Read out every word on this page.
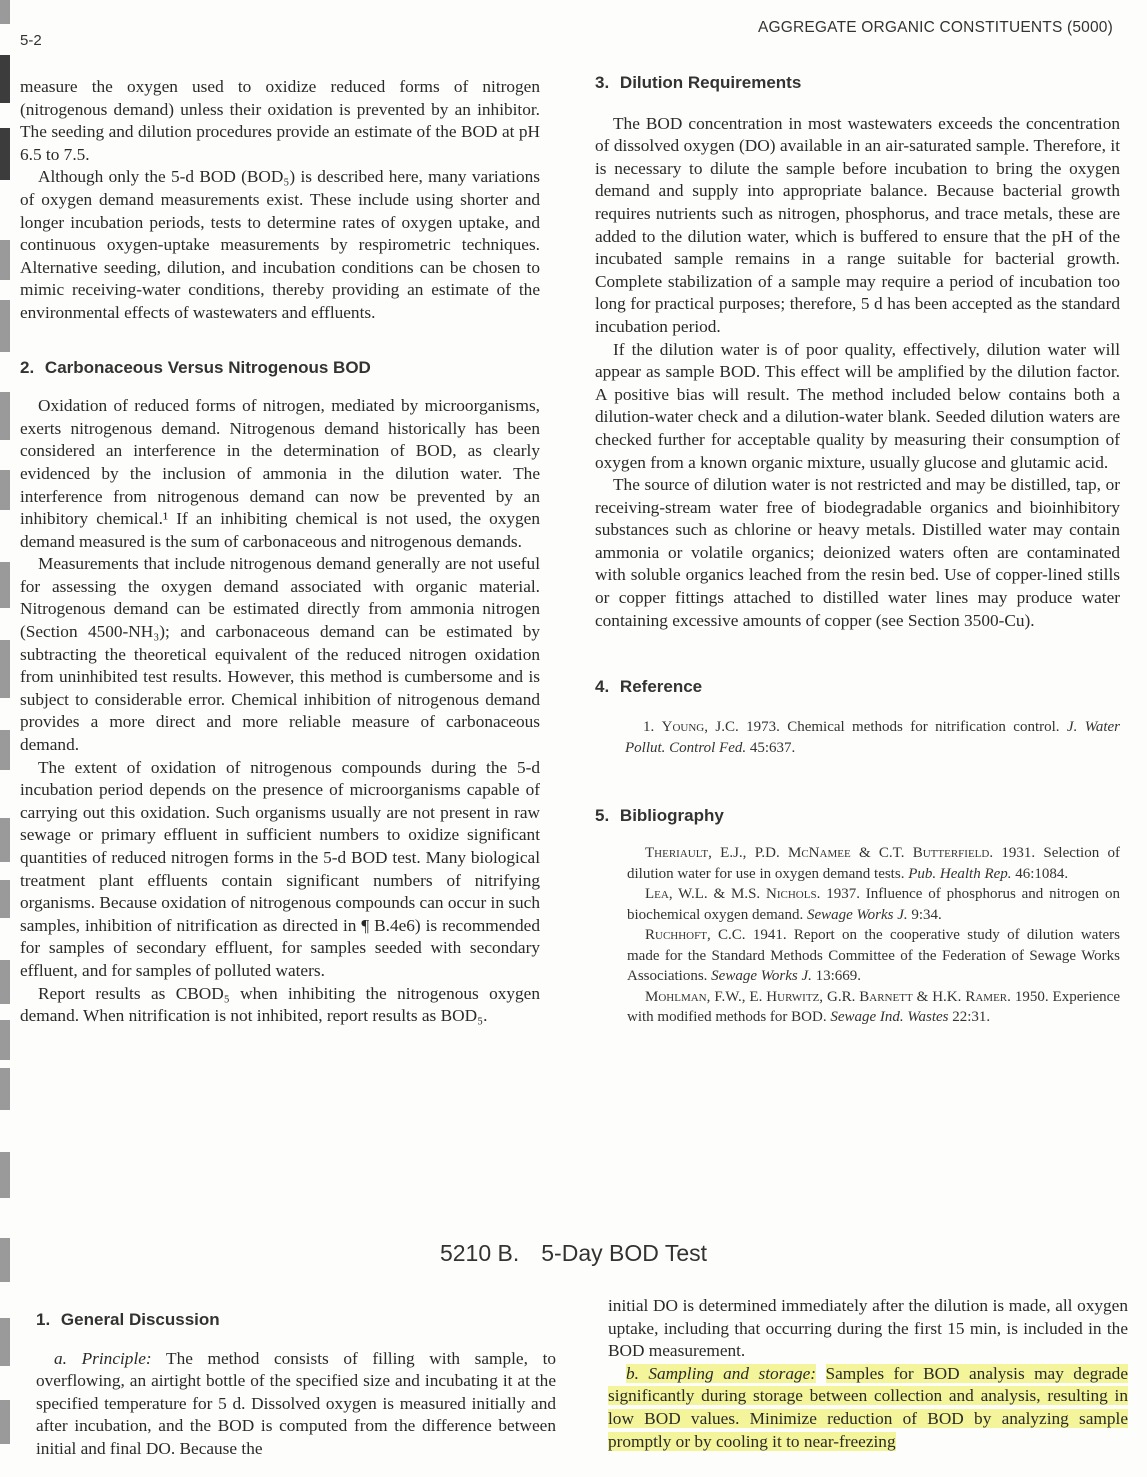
5-2
AGGREGATE ORGANIC CONSTITUENTS (5000)

measure the oxygen used to oxidize reduced forms of nitrogen (nitrogenous demand) unless their oxidation is prevented by an inhibitor. The seeding and dilution procedures provide an estimate of the BOD at pH 6.5 to 7.5.

Although only the 5-d BOD (BOD₅) is described here, many variations of oxygen demand measurements exist. These include using shorter and longer incubation periods, tests to determine rates of oxygen uptake, and continuous oxygen-uptake measurements by respirometric techniques. Alternative seeding, dilution, and incubation conditions can be chosen to mimic receiving-water conditions, thereby providing an estimate of the environmental effects of wastewaters and effluents.

2. Carbonaceous Versus Nitrogenous BOD

Oxidation of reduced forms of nitrogen, mediated by microorganisms, exerts nitrogenous demand. Nitrogenous demand historically has been considered an interference in the determination of BOD, as clearly evidenced by the inclusion of ammonia in the dilution water. The interference from nitrogenous demand can now be prevented by an inhibitory chemical.¹ If an inhibiting chemical is not used, the oxygen demand measured is the sum of carbonaceous and nitrogenous demands.

Measurements that include nitrogenous demand generally are not useful for assessing the oxygen demand associated with organic material. Nitrogenous demand can be estimated directly from ammonia nitrogen (Section 4500-NH₃); and carbonaceous demand can be estimated by subtracting the theoretical equivalent of the reduced nitrogen oxidation from uninhibited test results. However, this method is cumbersome and is subject to considerable error. Chemical inhibition of nitrogenous demand provides a more direct and more reliable measure of carbonaceous demand.

The extent of oxidation of nitrogenous compounds during the 5-d incubation period depends on the presence of microorganisms capable of carrying out this oxidation. Such organisms usually are not present in raw sewage or primary effluent in sufficient numbers to oxidize significant quantities of reduced nitrogen forms in the 5-d BOD test. Many biological treatment plant effluents contain significant numbers of nitrifying organisms. Because oxidation of nitrogenous compounds can occur in such samples, inhibition of nitrification as directed in ¶ B.4e6) is recommended for samples of secondary effluent, for samples seeded with secondary effluent, and for samples of polluted waters.

Report results as CBOD₅ when inhibiting the nitrogenous oxygen demand. When nitrification is not inhibited, report results as BOD₅.

3. Dilution Requirements

The BOD concentration in most wastewaters exceeds the concentration of dissolved oxygen (DO) available in an air-saturated sample. Therefore, it is necessary to dilute the sample before incubation to bring the oxygen demand and supply into appropriate balance. Because bacterial growth requires nutrients such as nitrogen, phosphorus, and trace metals, these are added to the dilution water, which is buffered to ensure that the pH of the incubated sample remains in a range suitable for bacterial growth. Complete stabilization of a sample may require a period of incubation too long for practical purposes; therefore, 5 d has been accepted as the standard incubation period.

If the dilution water is of poor quality, effectively, dilution water will appear as sample BOD. This effect will be amplified by the dilution factor. A positive bias will result. The method included below contains both a dilution-water check and a dilution-water blank. Seeded dilution waters are checked further for acceptable quality by measuring their consumption of oxygen from a known organic mixture, usually glucose and glutamic acid.

The source of dilution water is not restricted and may be distilled, tap, or receiving-stream water free of biodegradable organics and bioinhibitory substances such as chlorine or heavy metals. Distilled water may contain ammonia or volatile organics; deionized waters often are contaminated with soluble organics leached from the resin bed. Use of copper-lined stills or copper fittings attached to distilled water lines may produce water containing excessive amounts of copper (see Section 3500-Cu).

4. Reference

1. Young, J.C. 1973. Chemical methods for nitrification control. J. Water Pollut. Control Fed. 45:637.

5. Bibliography

Theriault, E.J., P.D. McNamee & C.T. Butterfield. 1931. Selection of dilution water for use in oxygen demand tests. Pub. Health Rep. 46:1084.

Lea, W.L. & M.S. Nichols. 1937. Influence of phosphorus and nitrogen on biochemical oxygen demand. Sewage Works J. 9:34.

Ruchhoft, C.C. 1941. Report on the cooperative study of dilution waters made for the Standard Methods Committee of the Federation of Sewage Works Associations. Sewage Works J. 13:669.

Mohlman, F.W., E. Hurwitz, G.R. Barnett & H.K. Ramer. 1950. Experience with modified methods for BOD. Sewage Ind. Wastes 22:31.

5210 B. 5-Day BOD Test
1. General Discussion

a. Principle: The method consists of filling with sample, to overflowing, an airtight bottle of the specified size and incubating it at the specified temperature for 5 d. Dissolved oxygen is measured initially and after incubation, and the BOD is computed from the difference between initial and final DO. Because the

initial DO is determined immediately after the dilution is made, all oxygen uptake, including that occurring during the first 15 min, is included in the BOD measurement.

b. Sampling and storage: Samples for BOD analysis may degrade significantly during storage between collection and analysis, resulting in low BOD values. Minimize reduction of BOD by analyzing sample promptly or by cooling it to near-freezing
